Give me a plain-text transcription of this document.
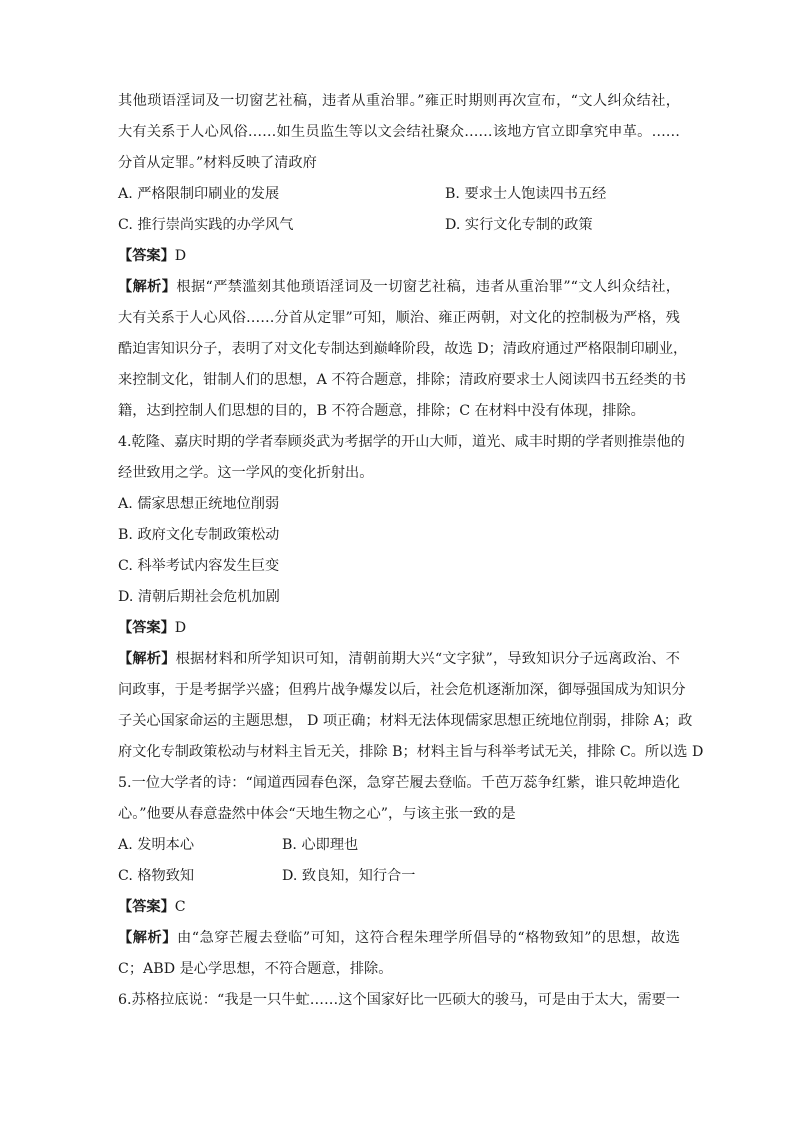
其他琐语淫词及一切窗艺社稿，违者从重治罪。”雍正时期则再次宣布，“文人纠众结社，
大有关系于人心风俗……如生员监生等以文会结社聚众……该地方官立即拿究申革。……
分首从定罪。”材料反映了清政府
A. 严格限制印刷业的发展	B. 要求士人饱读四书五经
C. 推行崇尚实践的办学风气	D. 实行文化专制的政策
【答案】D
【解析】根据“严禁滥刻其他琐语淫词及一切窗艺社稿，违者从重治罪”“文人纠众结社，
大有关系于人心风俗……分首从定罪”可知，顺治、雍正两朝，对文化的控制极为严格，残
酷迫害知识分子，表明了对文化专制达到巅峰阶段，故选 D；清政府通过严格限制印刷业，
来控制文化，钳制人们的思想，A 不符合题意，排除；清政府要求士人阅读四书五经类的书
籍，达到控制人们思想的目的，B 不符合题意，排除；C 在材料中没有体现，排除。
4.乾隆、嘉庆时期的学者奉顾炎武为考据学的开山大师，道光、咸丰时期的学者则推崇他的
经世致用之学。这一学风的变化折射出。
A. 儒家思想正统地位削弱
B. 政府文化专制政策松动
C. 科举考试内容发生巨变
D. 清朝后期社会危机加剧
【答案】D
【解析】根据材料和所学知识可知，清朝前期大兴“文字狱”，导致知识分子远离政治、不
问政事，于是考据学兴盛；但鸦片战争爆发以后，社会危机逐渐加深，御辱强国成为知识分
子关心国家命运的主题思想， D 项正确；材料无法体现儒家思想正统地位削弱，排除 A；政
府文化专制政策松动与材料主旨无关，排除 B；材料主旨与科举考试无关，排除 C。所以选 D
5.一位大学者的诗：“闻道西园春色深，急穿芒履去登临。千芭万蕊争红紫，谁只乾坤造化
心。”他要从春意盎然中体会“天地生物之心”，与该主张一致的是
A. 发明本心	B. 心即理也
C. 格物致知	D. 致良知，知行合一
【答案】C
【解析】由“急穿芒履去登临”可知，这符合程朱理学所倡导的“格物致知”的思想，故选
C；ABD 是心学思想，不符合题意，排除。
6.苏格拉底说：“我是一只牛虻……这个国家好比一匹硕大的骏马，可是由于太大，需要一
